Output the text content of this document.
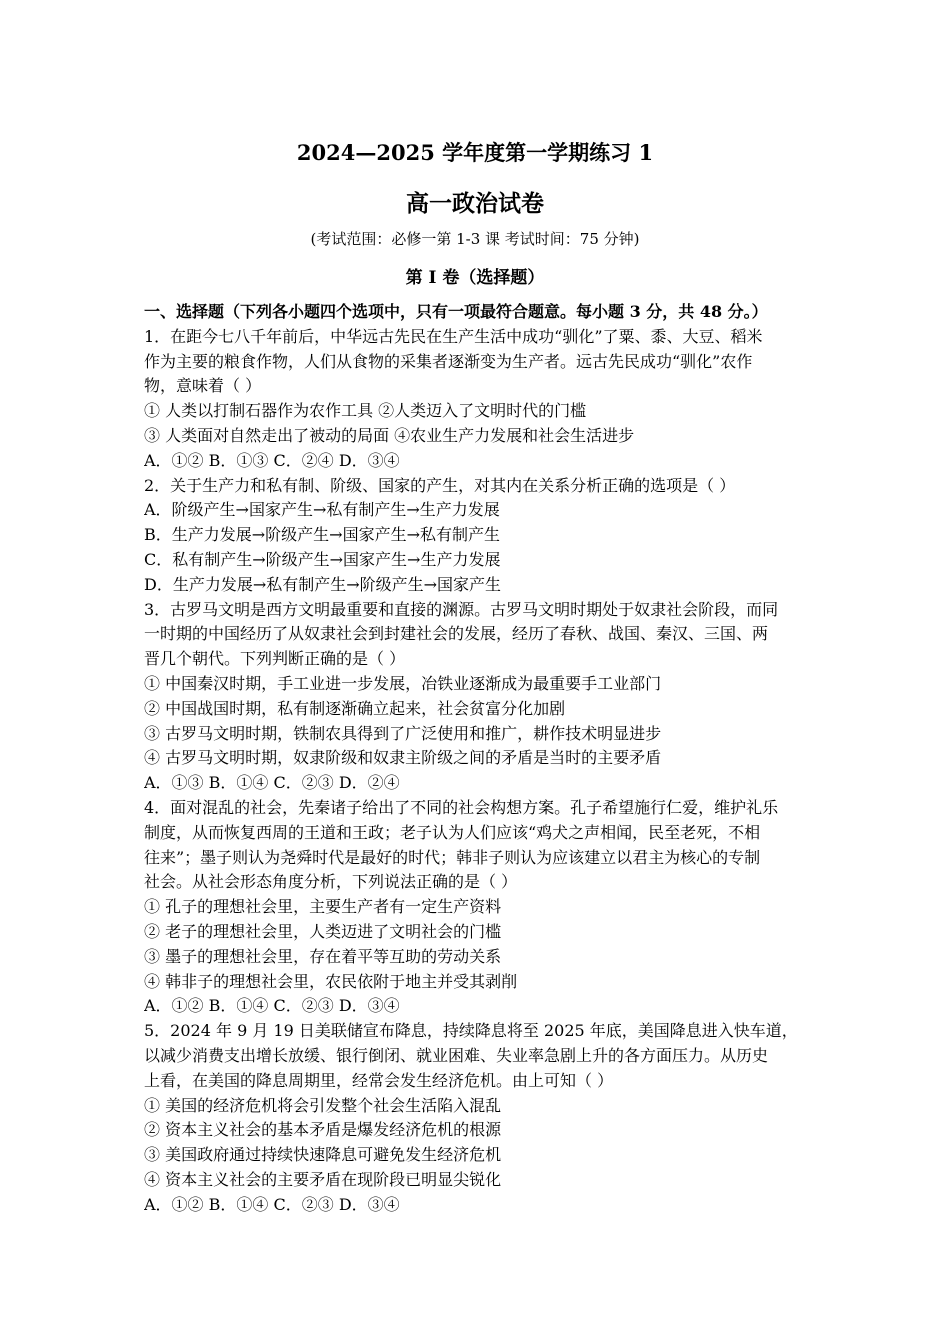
2024—2025 学年度第一学期练习 1
高一政治试卷
(考试范围：必修一第 1-3 课 考试时间：75 分钟)
第 I 卷（选择题）
一、选择题（下列各小题四个选项中，只有一项最符合题意。每小题 3 分，共 48 分。）
1．在距今七八千年前后，中华远古先民在生产生活中成功“驯化”了粟、黍、大豆、稻米
作为主要的粮食作物，人们从食物的采集者逐渐变为生产者。远古先民成功“驯化”农作
物，意味着（ ）
① 人类以打制石器作为农作工具 ②人类迈入了文明时代的门槛
③ 人类面对自然走出了被动的局面 ④农业生产力发展和社会生活进步
A．①② B．①③ C．②④ D．③④
2．关于生产力和私有制、阶级、国家的产生，对其内在关系分析正确的选项是（ ）
A．阶级产生→国家产生→私有制产生→生产力发展
B．生产力发展→阶级产生→国家产生→私有制产生
C．私有制产生→阶级产生→国家产生→生产力发展
D．生产力发展→私有制产生→阶级产生→国家产生
3．古罗马文明是西方文明最重要和直接的渊源。古罗马文明时期处于奴隶社会阶段，而同
一时期的中国经历了从奴隶社会到封建社会的发展，经历了春秋、战国、秦汉、三国、两
晋几个朝代。下列判断正确的是（ ）
① 中国秦汉时期，手工业进一步发展，冶铁业逐渐成为最重要手工业部门
② 中国战国时期，私有制逐渐确立起来，社会贫富分化加剧
③ 古罗马文明时期，铁制农具得到了广泛使用和推广，耕作技术明显进步
④ 古罗马文明时期，奴隶阶级和奴隶主阶级之间的矛盾是当时的主要矛盾
A．①③ B．①④ C．②③ D．②④
4．面对混乱的社会，先秦诸子给出了不同的社会构想方案。孔子希望施行仁爱，维护礼乐
制度，从而恢复西周的王道和王政；老子认为人们应该“鸡犬之声相闻，民至老死，不相
往来”；墨子则认为尧舜时代是最好的时代；韩非子则认为应该建立以君主为核心的专制
社会。从社会形态角度分析，下列说法正确的是（ ）
① 孔子的理想社会里，主要生产者有一定生产资料
② 老子的理想社会里，人类迈进了文明社会的门槛
③ 墨子的理想社会里，存在着平等互助的劳动关系
④ 韩非子的理想社会里，农民依附于地主并受其剥削
A．①② B．①④ C．②③ D．③④
5．2024 年 9 月 19 日美联储宣布降息，持续降息将至 2025 年底，美国降息进入快车道，
以减少消费支出增长放缓、银行倒闭、就业困难、失业率急剧上升的各方面压力。从历史
上看，在美国的降息周期里，经常会发生经济危机。由上可知（ ）
① 美国的经济危机将会引发整个社会生活陷入混乱
② 资本主义社会的基本矛盾是爆发经济危机的根源
③ 美国政府通过持续快速降息可避免发生经济危机
④ 资本主义社会的主要矛盾在现阶段已明显尖锐化
A．①② B．①④ C．②③ D．③④
